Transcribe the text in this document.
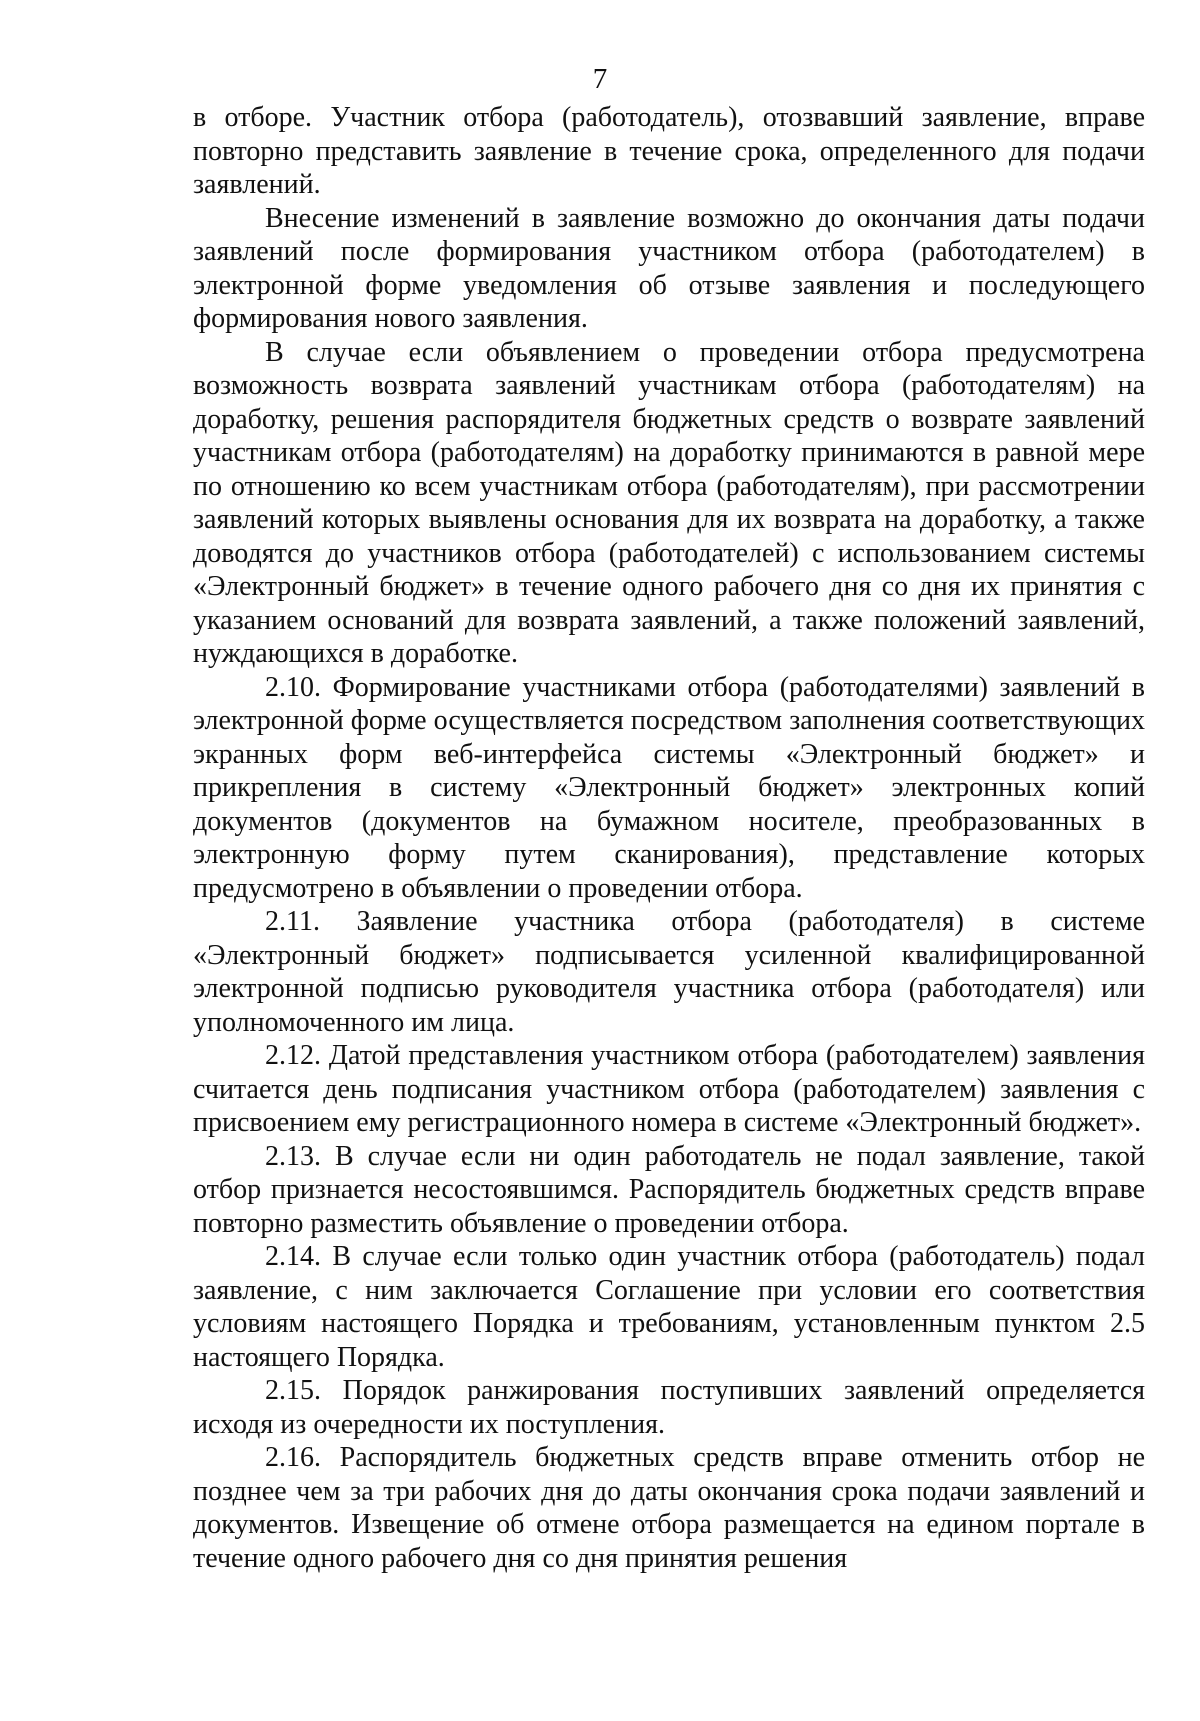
7

в отборе. Участник отбора (работодатель), отозвавший заявление, вправе повторно представить заявление в течение срока, определенного для подачи заявлений.

Внесение изменений в заявление возможно до окончания даты подачи заявлений после формирования участником отбора (работодателем) в электронной форме уведомления об отзыве заявления и последующего формирования нового заявления.

В случае если объявлением о проведении отбора предусмотрена возможность возврата заявлений участникам отбора (работодателям) на доработку, решения распорядителя бюджетных средств о возврате заявлений участникам отбора (работодателям) на доработку принимаются в равной мере по отношению ко всем участникам отбора (работодателям), при рассмотрении заявлений которых выявлены основания для их возврата на доработку, а также доводятся до участников отбора (работодателей) с использованием системы «Электронный бюджет» в течение одного рабочего дня со дня их принятия с указанием оснований для возврата заявлений, а также положений заявлений, нуждающихся в доработке.

2.10. Формирование участниками отбора (работодателями) заявлений в электронной форме осуществляется посредством заполнения соответствующих экранных форм веб-интерфейса системы «Электронный бюджет» и прикрепления в систему «Электронный бюджет» электронных копий документов (документов на бумажном носителе, преобразованных в электронную форму путем сканирования), представление которых предусмотрено в объявлении о проведении отбора.

2.11. Заявление участника отбора (работодателя) в системе «Электронный бюджет» подписывается усиленной квалифицированной электронной подписью руководителя участника отбора (работодателя) или уполномоченного им лица.

2.12. Датой представления участником отбора (работодателем) заявления считается день подписания участником отбора (работодателем) заявления с присвоением ему регистрационного номера в системе «Электронный бюджет».

2.13. В случае если ни один работодатель не подал заявление, такой отбор признается несостоявшимся. Распорядитель бюджетных средств вправе повторно разместить объявление о проведении отбора.

2.14. В случае если только один участник отбора (работодатель) подал заявление, с ним заключается Соглашение при условии его соответствия условиям настоящего Порядка и требованиям, установленным пунктом 2.5 настоящего Порядка.

2.15. Порядок ранжирования поступивших заявлений определяется исходя из очередности их поступления.

2.16. Распорядитель бюджетных средств вправе отменить отбор не позднее чем за три рабочих дня до даты окончания срока подачи заявлений и документов. Извещение об отмене отбора размещается на едином портале в течение одного рабочего дня со дня принятия решения
